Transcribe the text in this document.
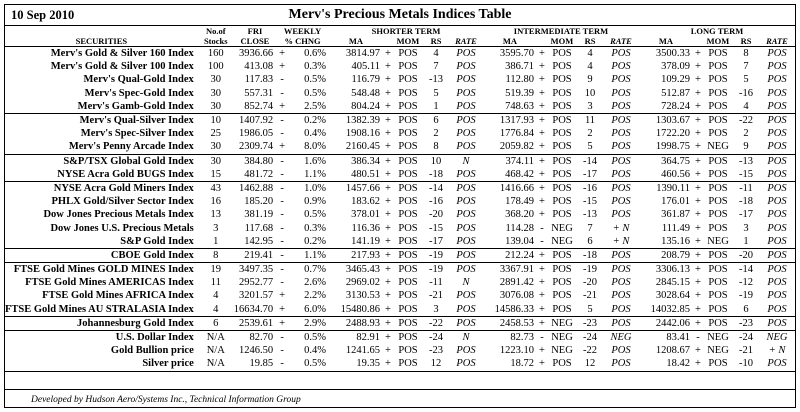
10 Sep 2010	Merv's Precious Metals Indices Table
	No.of	FRI	WEEKLY		SHORTER TERM					INTERMEDIATE TERM					LONG TERM				
SECURITIES	Stocks	CLOSE	% CHNG		MA		MOM	RS	RATE	MA		MOM	RS	RATE	MA		MOM	RS	RATE
Merv's Gold & Silver 160 Index	160	3936.66	+	0.6%	3814.97	+	POS	4	POS	3595.70	+	POS	4	POS	3500.33	+	POS	8	POS
Merv's Gold & Silver 100 Index	100	413.08	+	0.3%	405.11	+	POS	7	POS	386.71	+	POS	4	POS	378.09	+	POS	7	POS
Merv's Qual-Gold Index	30	117.83	-	0.5%	116.79	+	POS	-13	POS	112.80	+	POS	9	POS	109.29	+	POS	5	POS
Merv's Spec-Gold Index	30	557.31	-	0.5%	548.48	+	POS	5	POS	519.39	+	POS	10	POS	512.87	+	POS	-16	POS
Merv's Gamb-Gold Index	30	852.74	+	2.5%	804.24	+	POS	1	POS	748.63	+	POS	3	POS	728.24	+	POS	4	POS
Merv's Qual-Silver Index	10	1407.92	-	0.2%	1382.39	+	POS	6	POS	1317.93	+	POS	11	POS	1303.67	+	POS	-22	POS
Merv's Spec-Silver Index	25	1986.05	-	0.4%	1908.16	+	POS	2	POS	1776.84	+	POS	2	POS	1722.20	+	POS	2	POS
Merv's Penny Arcade Index	30	2309.74	+	8.0%	2160.45	+	POS	8	POS	2059.82	+	POS	5	POS	1998.75	+	NEG	9	POS
S&P/TSX Global Gold Index	30	384.80	-	1.6%	386.34	+	POS	10	N	374.11	+	POS	-14	POS	364.75	+	POS	-13	POS
NYSE Acra Gold BUGS Index	15	481.72	-	1.1%	480.51	+	POS	-18	POS	468.42	+	POS	-17	POS	460.56	+	POS	-15	POS
NYSE Acra Gold Miners Index	43	1462.88	-	1.0%	1457.66	+	POS	-14	POS	1416.66	+	POS	-16	POS	1390.11	+	POS	-11	POS
PHLX Gold/Silver Sector Index	16	185.20	-	0.9%	183.62	+	POS	-16	POS	178.49	+	POS	-15	POS	176.01	+	POS	-18	POS
Dow Jones Precious Metals Index	13	381.19	-	0.5%	378.01	+	POS	-20	POS	368.20	+	POS	-13	POS	361.87	+	POS	-17	POS
Dow Jones U.S. Precious Metals	3	117.68	-	0.3%	116.36	+	POS	-15	POS	114.28	-	NEG	7	+ N	111.49	+	POS	3	POS
S&P Gold Index	1	142.95	-	0.2%	141.19	+	POS	-17	POS	139.04	-	NEG	6	+ N	135.16	+	NEG	1	POS
CBOE Gold Index	8	219.41	-	1.1%	217.93	+	POS	-19	POS	212.24	+	POS	-18	POS	208.79	+	POS	-20	POS
FTSE Gold Mines GOLD MINES Index	19	3497.35	-	0.7%	3465.43	+	POS	-19	POS	3367.91	+	POS	-19	POS	3306.13	+	POS	-14	POS
FTSE Gold Mines AMERICAS Index	11	2952.77	-	2.6%	2969.02	+	POS	-11	N	2891.42	+	POS	-20	POS	2845.15	+	POS	-12	POS
FTSE Gold Mines AFRICA Index	4	3201.57	+	2.2%	3130.53	+	POS	-21	POS	3076.08	+	POS	-21	POS	3028.64	+	POS	-19	POS
FTSE Gold Mines AU STRALASIA Index	4	16634.70	+	6.0%	15480.86	+	POS	3	POS	14586.33	+	POS	5	POS	14032.85	+	POS	6	POS
Johannesburg Gold Index	6	2539.61	+	2.9%	2488.93	+	POS	-22	POS	2458.53	+	NEG	-23	POS	2442.06	+	POS	-23	POS
U.S. Dollar Index	N/A	82.70	-	0.5%	82.91	+	POS	-24	N	82.73	-	NEG	-24	NEG	83.41	-	NEG	-24	NEG
Gold Bullion price	N/A	1246.50	-	0.4%	1241.65	+	POS	-23	POS	1223.10	+	NEG	-22	POS	1208.67	+	NEG	-21	+ N
Silver price	N/A	19.85	-	0.5%	19.35	+	POS	12	POS	18.72	+	POS	12	POS	18.42	+	POS	-10	POS
Developed by Hudson Aero/Systems Inc., Technical Information Group
